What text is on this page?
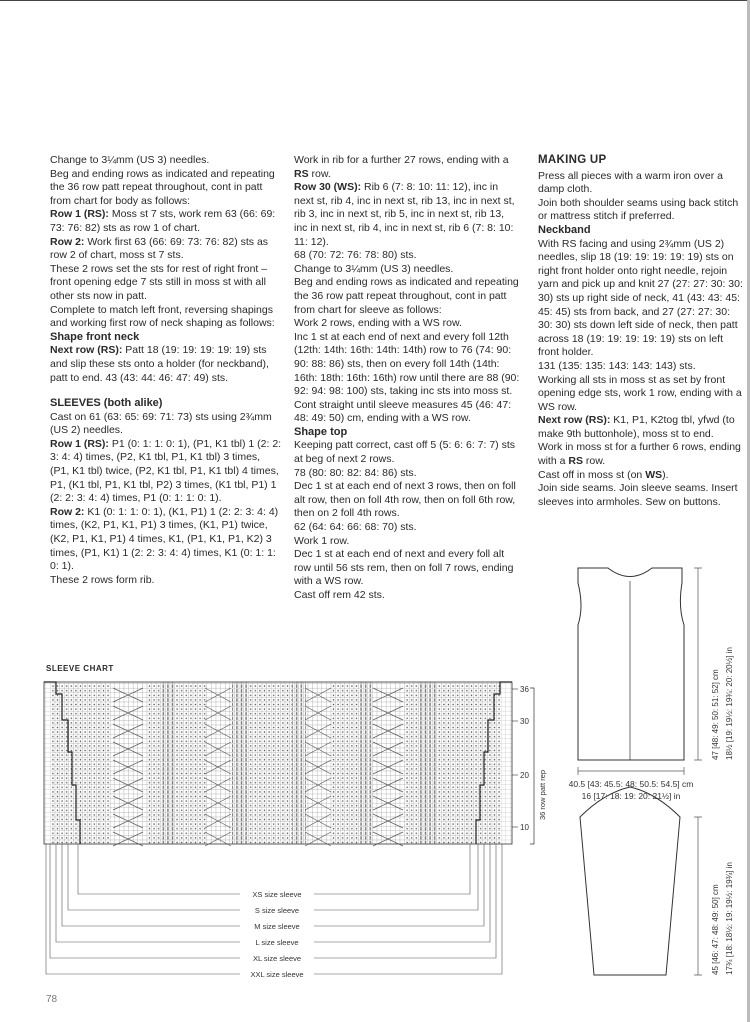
Change to 3¼mm (US 3) needles.

Beg and ending rows as indicated and repeating the 36 row patt repeat throughout, cont in patt from chart for body as follows:

Row 1 (RS): Moss st 7 sts, work rem 63 (66: 69: 73: 76: 82) sts as row 1 of chart.

Row 2: Work first 63 (66: 69: 73: 76: 82) sts as row 2 of chart, moss st 7 sts.

These 2 rows set the sts for rest of right front – front opening edge 7 sts still in moss st with all other sts now in patt.

Complete to match left front, reversing shapings and working first row of neck shaping as follows:

Shape front neck

Next row (RS): Patt 18 (19: 19: 19: 19: 19) sts and slip these sts onto a holder (for neckband), patt to end. 43 (43: 44: 46: 47: 49) sts.

SLEEVES (both alike)

Cast on 61 (63: 65: 69: 71: 73) sts using 2¾mm (US 2) needles.

Row 1 (RS): P1 (0: 1: 1: 0: 1), (P1, K1 tbl) 1 (2: 2: 3: 4: 4) times, (P2, K1 tbl, P1, K1 tbl) 3 times, (P1, K1 tbl) twice, (P2, K1 tbl, P1, K1 tbl) 4 times, P1, (K1 tbl, P1, K1 tbl, P2) 3 times, (K1 tbl, P1) 1 (2: 2: 3: 4: 4) times, P1 (0: 1: 1: 0: 1).

Row 2: K1 (0: 1: 1: 0: 1), (K1, P1) 1 (2: 2: 3: 4: 4) times, (K2, P1, K1, P1) 3 times, (K1, P1) twice, (K2, P1, K1, P1) 4 times, K1, (P1, K1, P1, K2) 3 times, (P1, K1) 1 (2: 2: 3: 4: 4) times, K1 (0: 1: 1: 0: 1).

These 2 rows form rib.

Work in rib for a further 27 rows, ending with a RS row.

Row 30 (WS): Rib 6 (7: 8: 10: 11: 12), inc in next st, rib 4, inc in next st, rib 13, inc in next st, rib 3, inc in next st, rib 5, inc in next st, rib 13, inc in next st, rib 4, inc in next st, rib 6 (7: 8: 10: 11: 12).

68 (70: 72: 76: 78: 80) sts.

Change to 3¼mm (US 3) needles.

Beg and ending rows as indicated and repeating the 36 row patt repeat throughout, cont in patt from chart for sleeve as follows:

Work 2 rows, ending with a WS row.

Inc 1 st at each end of next and every foll 12th (12th: 14th: 16th: 14th: 14th) row to 76 (74: 90: 90: 88: 86) sts, then on every foll 14th (14th: 16th: 18th: 16th: 16th) row until there are 88 (90: 92: 94: 98: 100) sts, taking inc sts into moss st.

Cont straight until sleeve measures 45 (46: 47: 48: 49: 50) cm, ending with a WS row.

Shape top

Keeping patt correct, cast off 5 (5: 6: 6: 7: 7) sts at beg of next 2 rows.

78 (80: 80: 82: 84: 86) sts.

Dec 1 st at each end of next 3 rows, then on foll alt row, then on foll 4th row, then on foll 6th row, then on 2 foll 4th rows.

62 (64: 64: 66: 68: 70) sts.

Work 1 row.

Dec 1 st at each end of next and every foll alt row until 56 sts rem, then on foll 7 rows, ending with a WS row.

Cast off rem 42 sts.

MAKING UP

Press all pieces with a warm iron over a damp cloth.

Join both shoulder seams using back stitch or mattress stitch if preferred.

Neckband

With RS facing and using 2¾mm (US 2) needles, slip 18 (19: 19: 19: 19: 19) sts on right front holder onto right needle, rejoin yarn and pick up and knit 27 (27: 27: 30: 30: 30) sts up right side of neck, 41 (43: 43: 45: 45: 45) sts from back, and 27 (27: 27: 30: 30: 30) sts down left side of neck, then patt across 18 (19: 19: 19: 19: 19) sts on left front holder.

131 (135: 135: 143: 143: 143) sts.

Working all sts in moss st as set by front opening edge sts, work 1 row, ending with a WS row.

Next row (RS): K1, P1, K2tog tbl, yfwd (to make 9th buttonhole), moss st to end.

Work in moss st for a further 6 rows, ending with a RS row.

Cast off in moss st (on WS).

Join side seams. Join sleeve seams. Insert sleeves into armholes. Sew on buttons.

SLEEVE CHART
36
30
20
10
36 row patt rep
XS size sleeve
S size sleeve
M size sleeve
L size sleeve
XL size sleeve
XXL size sleeve
40.5 [43: 45.5: 48: 50.5: 54.5] cm
16 [17: 18: 19: 20: 21½] in
47 [48: 49: 50: 51: 52] cm 18½ [19: 19½: 19¾: 20: 20½] in
45 [46: 47: 48: 49: 50] cm 17¾ [18: 18½: 19: 19½: 19¾] in
78
